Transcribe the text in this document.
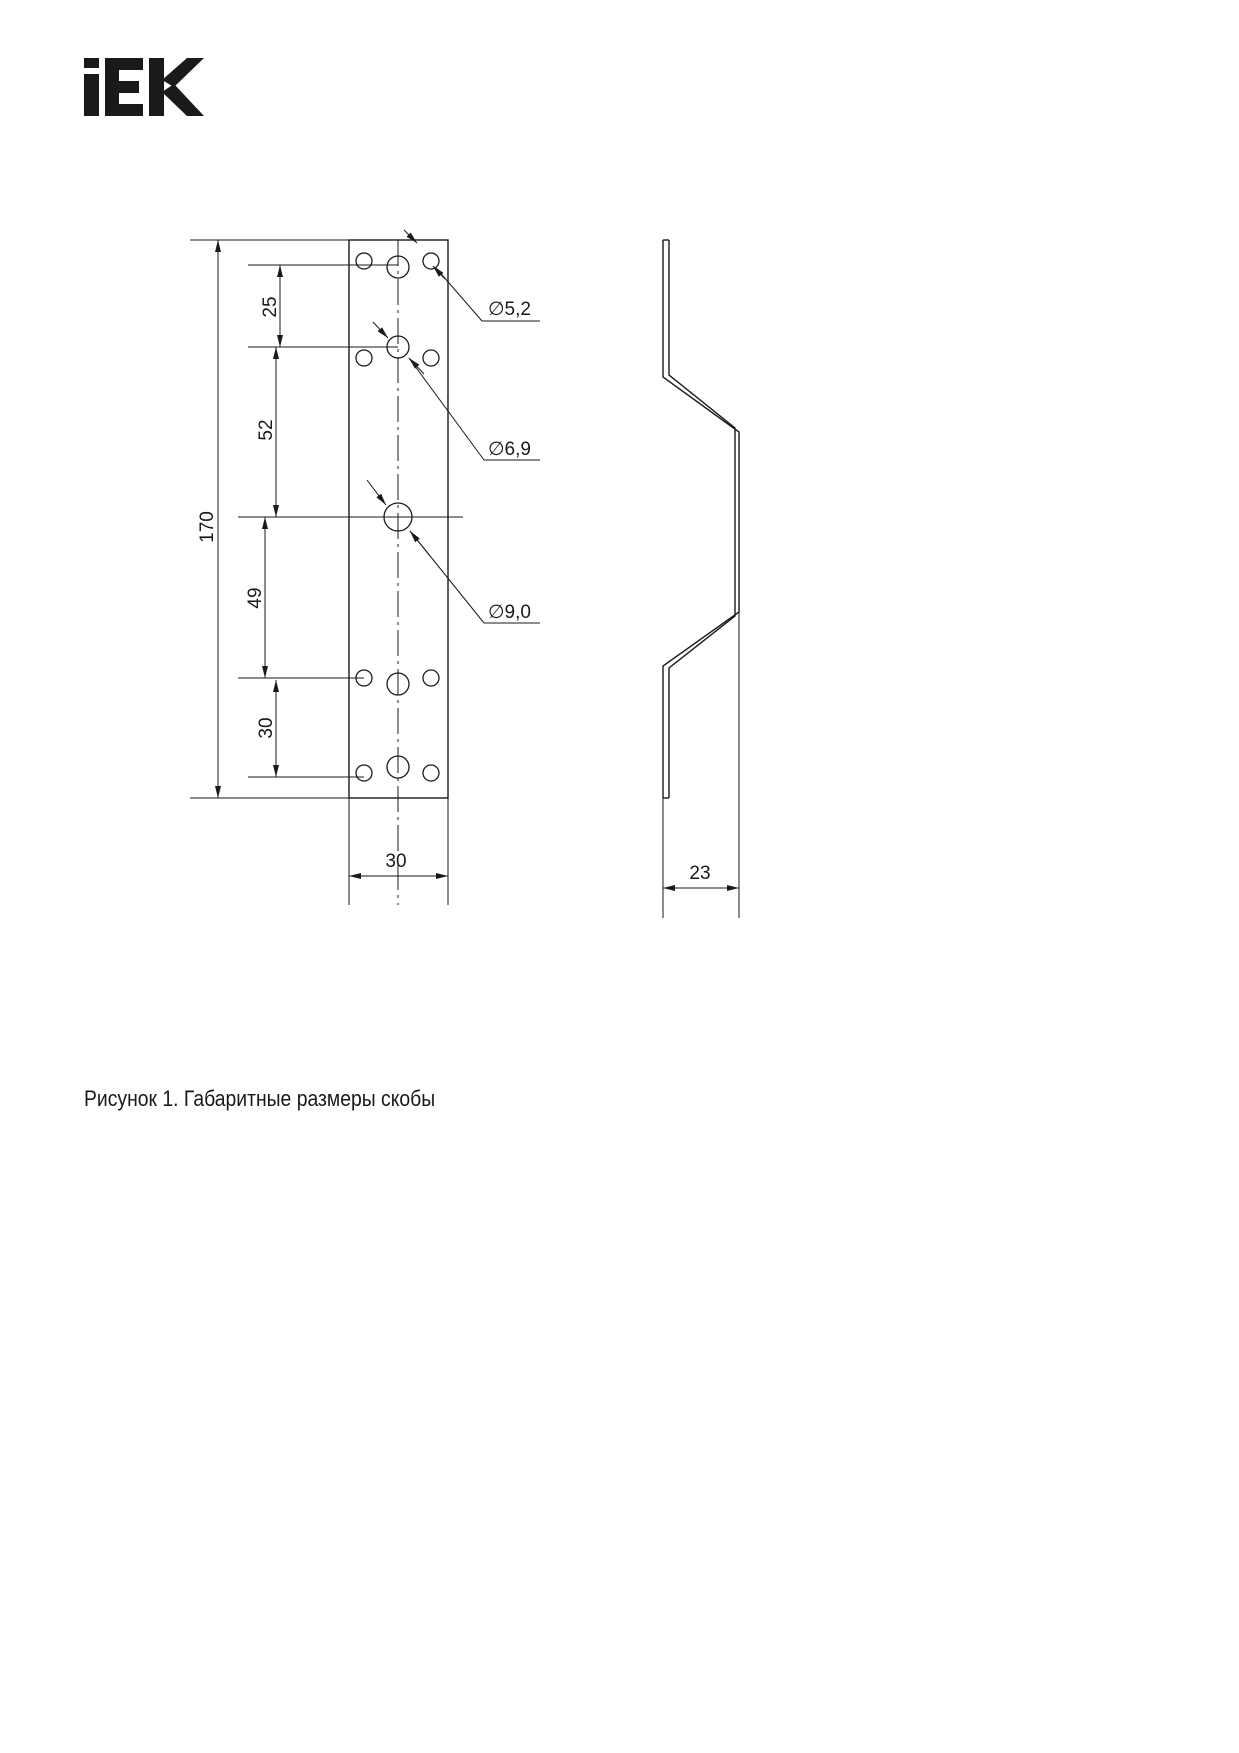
170
25
52
49
30
30
∅5,2
∅6,9
∅9,0
23
Рисунок 1. Габаритные размеры скобы
